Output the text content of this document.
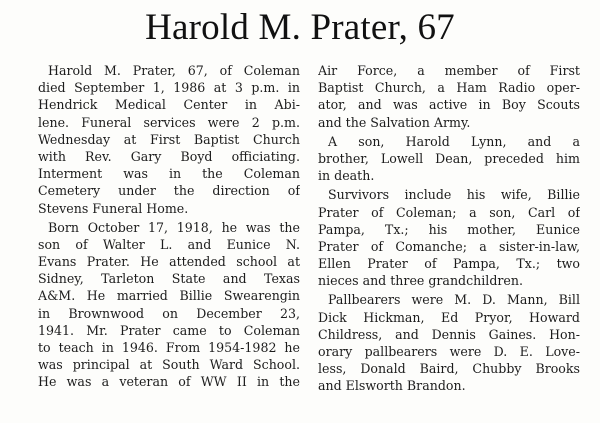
Harold M. Prater, 67
Harold M. Prater, 67, of Coleman
died September 1, 1986 at 3 p.m. in
Hendrick Medical Center in Abi-
lene. Funeral services were 2 p.m.
Wednesday at First Baptist Church
with Rev. Gary Boyd officiating.
Interment was in the Coleman
Cemetery under the direction of
Stevens Funeral Home.
Born October 17, 1918, he was the
son of Walter L. and Eunice N.
Evans Prater. He attended school at
Sidney, Tarleton State and Texas
A&M. He married Billie Swearengin
in Brownwood on December 23,
1941. Mr. Prater came to Coleman
to teach in 1946. From 1954-1982 he
was principal at South Ward School.
He was a veteran of WW II in the
Air Force, a member of First
Baptist Church, a Ham Radio oper-
ator, and was active in Boy Scouts
and the Salvation Army.
A son, Harold Lynn, and a
brother, Lowell Dean, preceded him
in death.
Survivors include his wife, Billie
Prater of Coleman; a son, Carl of
Pampa, Tx.; his mother, Eunice
Prater of Comanche; a sister-in-law,
Ellen Prater of Pampa, Tx.; two
nieces and three grandchildren.
Pallbearers were M. D. Mann, Bill
Dick Hickman, Ed Pryor, Howard
Childress, and Dennis Gaines. Hon-
orary pallbearers were D. E. Love-
less, Donald Baird, Chubby Brooks
and Elsworth Brandon.
